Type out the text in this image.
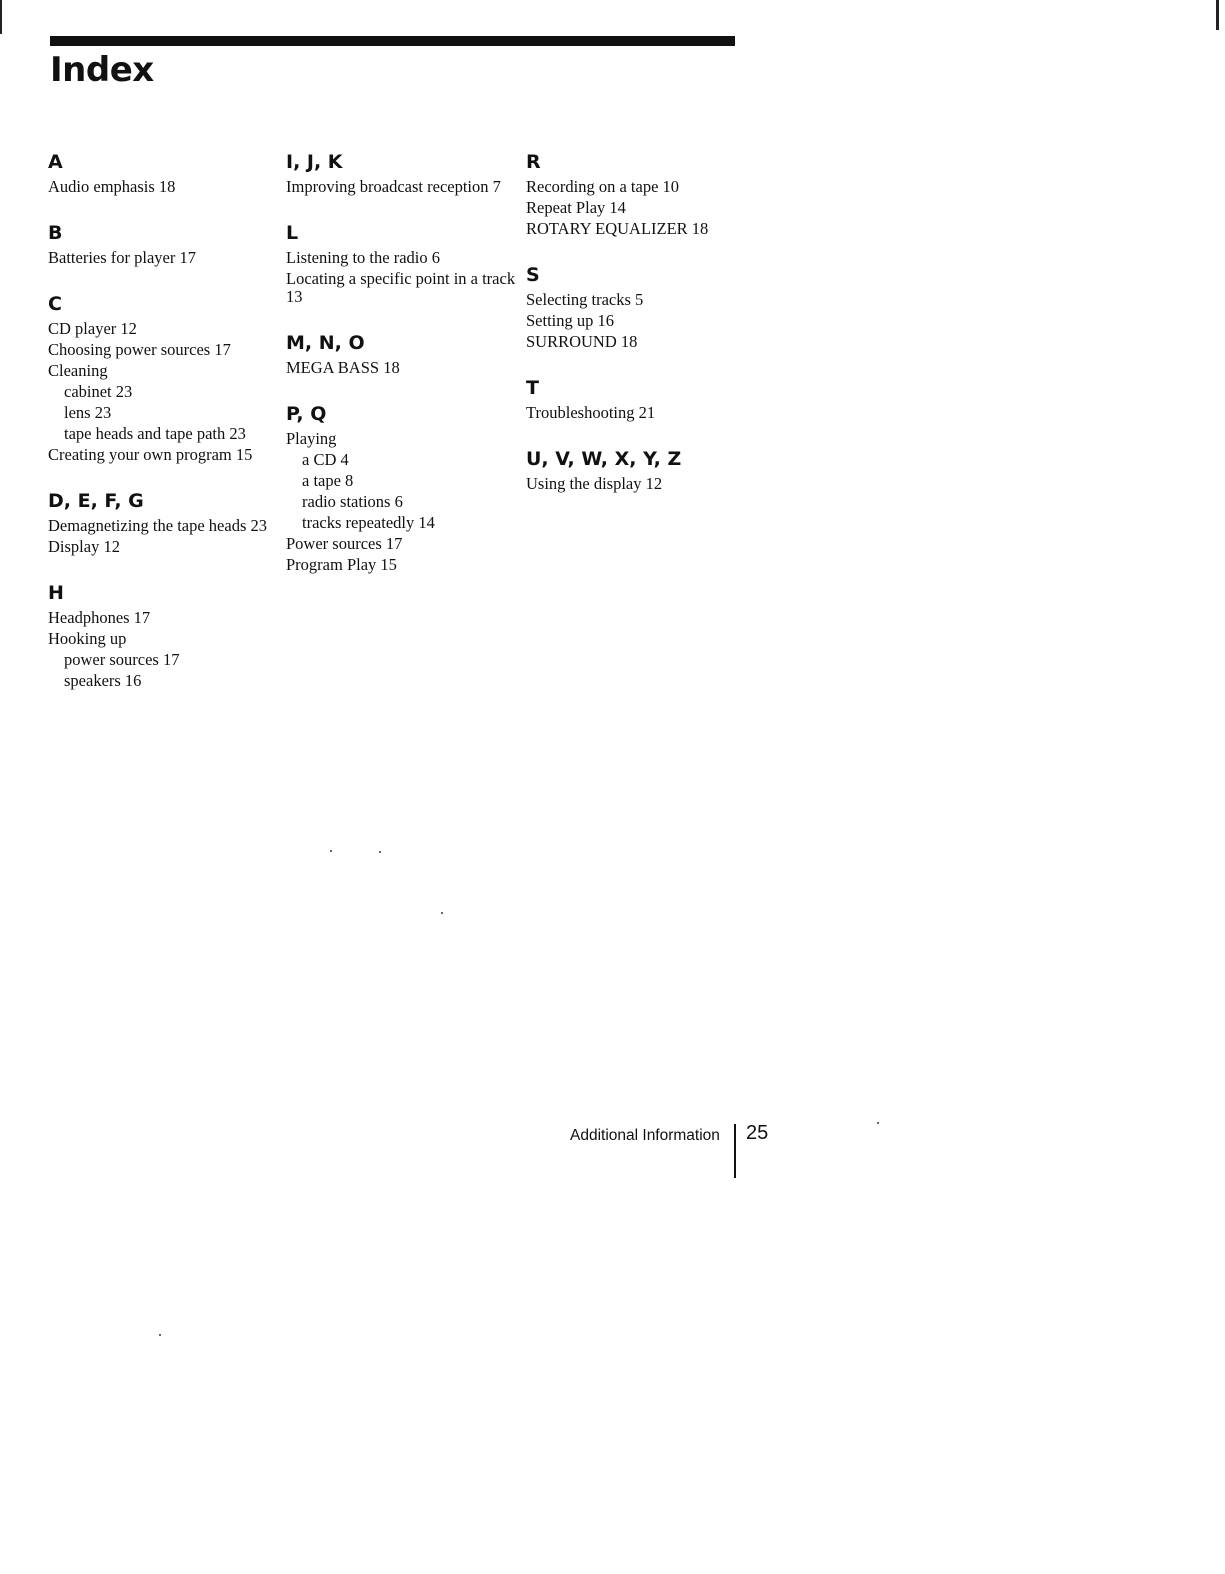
Index
A
Audio emphasis 18
B
Batteries for player 17
C
CD player 12
Choosing power sources 17
Cleaning
cabinet 23
lens 23
tape heads and tape path 23
Creating your own program 15
D, E, F, G
Demagnetizing the tape heads 23
Display 12
H
Headphones 17
Hooking up
power sources 17
speakers 16
I, J, K
Improving broadcast reception 7
L
Listening to the radio 6
Locating a specific point in a track 13
M, N, O
MEGA BASS 18
P, Q
Playing
a CD 4
a tape 8
radio stations 6
tracks repeatedly 14
Power sources 17
Program Play 15
R
Recording on a tape 10
Repeat Play 14
ROTARY EQUALIZER 18
S
Selecting tracks 5
Setting up 16
SURROUND 18
T
Troubleshooting 21
U, V, W, X, Y, Z
Using the display 12
Additional Information	25
